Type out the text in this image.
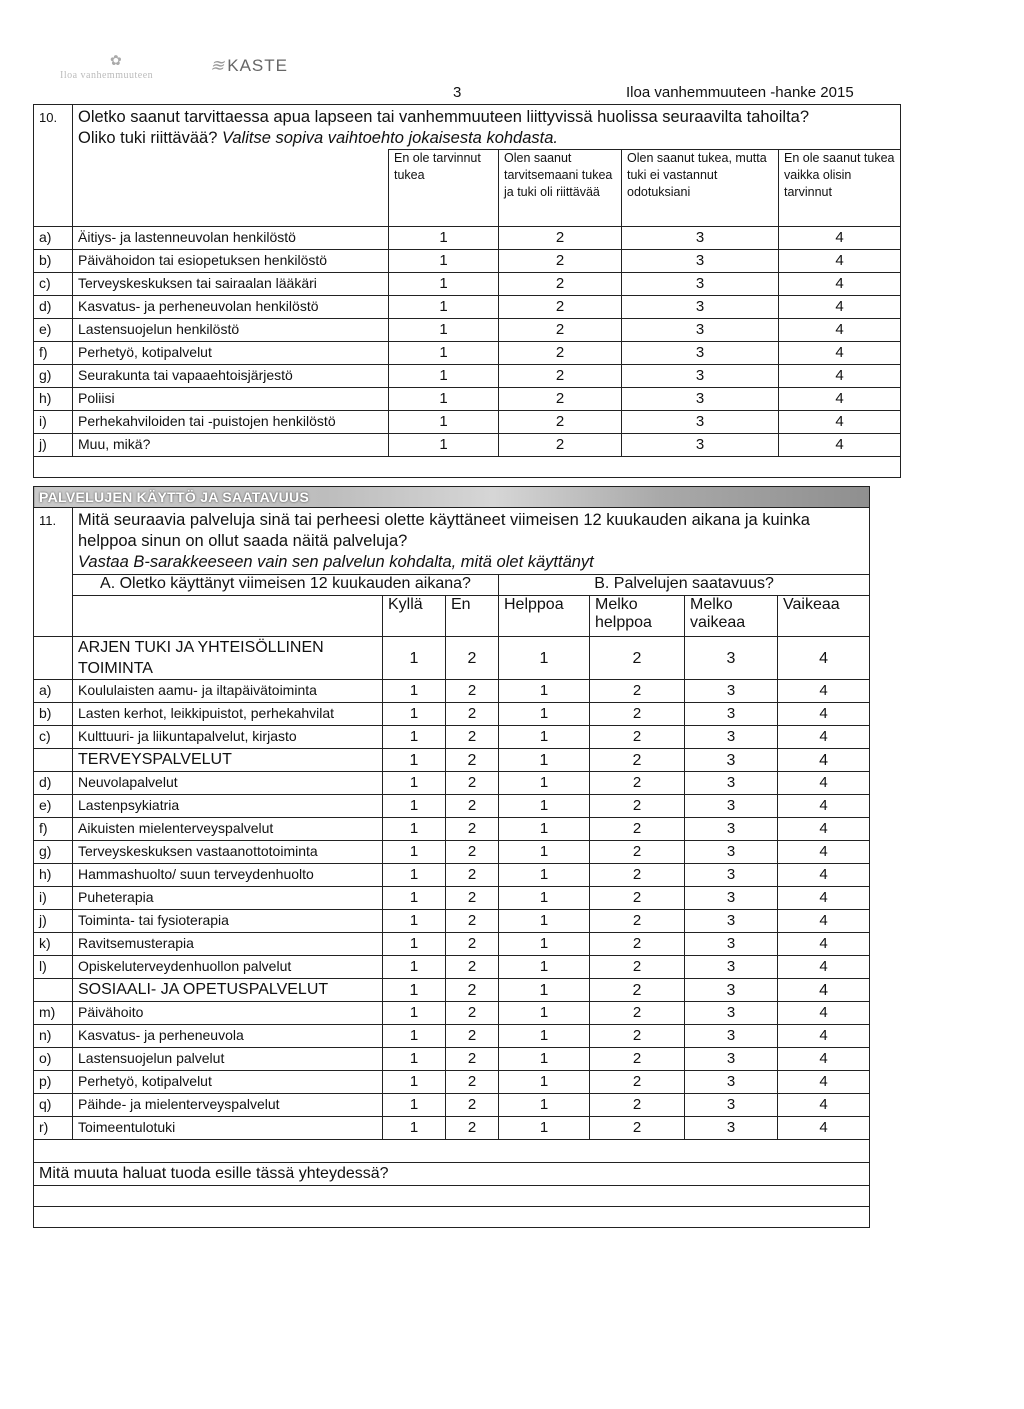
Iloa vanhemmuuteen
✿	≋ KASTE
3	Iloa vanhemmuuteen -hanke 2015
10.	Oletko saanut tarvittaessa apua lapseen tai vanhemmuuteen liittyvissä huolissa seuraavilta tahoilta?
Oliko tuki riittävää? Valitse sopiva vaihtoehto jokaisesta kohdasta.				
		En ole tarvinnut tukea	Olen saanut tarvitsemaani tukea ja tuki oli riittävää	Olen saanut tukea, mutta tuki ei vastannut odotuksiani	En ole saanut tukea vaikka olisin tarvinnut
a)	Äitiys- ja lastenneuvolan henkilöstö	1	2	3	4
b)	Päivähoidon tai esiopetuksen henkilöstö	1	2	3	4
c)	Terveyskeskuksen tai sairaalan lääkäri	1	2	3	4
d)	Kasvatus- ja perheneuvolan henkilöstö	1	2	3	4
e)	Lastensuojelun henkilöstö	1	2	3	4
f)	Perhetyö, kotipalvelut	1	2	3	4
g)	Seurakunta tai vapaaehtoisjärjestö	1	2	3	4
h)	Poliisi	1	2	3	4
i)	Perhekahviloiden tai -puistojen henkilöstö	1	2	3	4
j)	Muu, mikä?	1	2	3	4

PALVELUJEN KÄYTTÖ JA SAATAVUUS							
11.	Mitä seuraavia palveluja sinä tai perheesi olette käyttäneet viimeisen 12 kuukauden aikana ja kuinka helppoa sinun on ollut saada näitä palveluja?
Vastaa B-sarakkeeseen vain sen palvelun kohdalta, mitä olet käyttänyt						
	A. Oletko käyttänyt viimeisen 12 kuukauden aikana?			B. Palvelujen saatavuus?			
		Kyllä	En	Helppoa	Melko helppoa	Melko vaikeaa	Vaikeaa
	ARJEN TUKI JA YHTEISÖLLINEN TOIMINTA	1	2	1	2	3	4
a)	Koululaisten aamu- ja iltapäivätoiminta	1	2	1	2	3	4
b)	Lasten kerhot, leikkipuistot, perhekahvilat	1	2	1	2	3	4
c)	Kulttuuri- ja liikuntapalvelut, kirjasto	1	2	1	2	3	4
	TERVEYSPALVELUT	1	2	1	2	3	4
d)	Neuvolapalvelut	1	2	1	2	3	4
e)	Lastenpsykiatria	1	2	1	2	3	4
f)	Aikuisten mielenterveyspalvelut	1	2	1	2	3	4
g)	Terveyskeskuksen vastaanottotoiminta	1	2	1	2	3	4
h)	Hammashuolto/ suun terveydenhuolto	1	2	1	2	3	4
i)	Puheterapia	1	2	1	2	3	4
j)	Toiminta- tai fysioterapia	1	2	1	2	3	4
k)	Ravitsemusterapia	1	2	1	2	3	4
l)	Opiskeluterveydenhuollon palvelut	1	2	1	2	3	4
	SOSIAALI- JA OPETUSPALVELUT	1	2	1	2	3	4
m)	Päivähoito	1	2	1	2	3	4
n)	Kasvatus- ja perheneuvola	1	2	1	2	3	4
o)	Lastensuojelun palvelut	1	2	1	2	3	4
p)	Perhetyö, kotipalvelut	1	2	1	2	3	4
q)	Päihde- ja mielenterveyspalvelut	1	2	1	2	3	4
r)	Toimeentulotuki	1	2	1	2	3	4

Mitä muuta haluat tuoda esille tässä yhteydessä?							
